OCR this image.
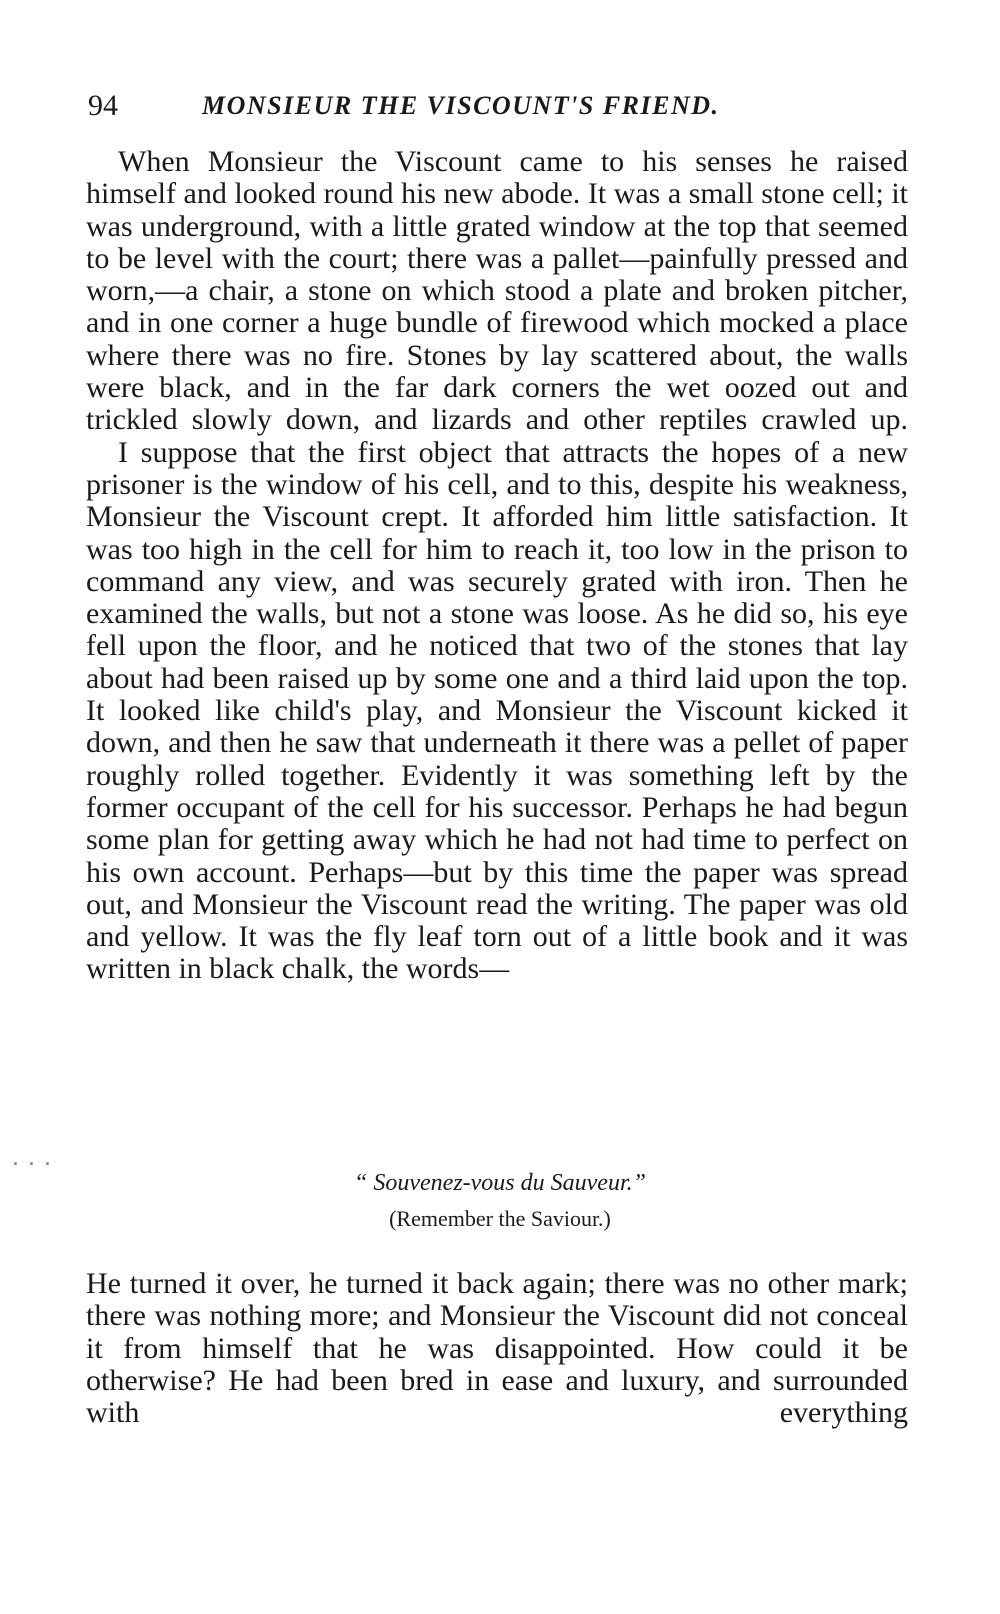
94	MONSIEUR THE VISCOUNT'S FRIEND.

When Monsieur the Viscount came to his senses he raised himself and looked round his new abode. It was a small stone cell; it was underground, with a little grated window at the top that seemed to be level with the court; there was a pallet—painfully pressed and worn,—a chair, a stone on which stood a plate and broken pitcher, and in one corner a huge bundle of firewood which mocked a place where there was no fire. Stones by lay scattered about, the walls were black, and in the far dark corners the wet oozed out and trickled slowly down, and lizards and other reptiles crawled up.

I suppose that the first object that attracts the hopes of a new prisoner is the window of his cell, and to this, despite his weakness, Monsieur the Viscount crept. It afforded him little satisfaction. It was too high in the cell for him to reach it, too low in the prison to command any view, and was securely grated with iron. Then he examined the walls, but not a stone was loose. As he did so, his eye fell upon the floor, and he noticed that two of the stones that lay about had been raised up by some one and a third laid upon the top. It looked like child's play, and Monsieur the Viscount kicked it down, and then he saw that underneath it there was a pellet of paper roughly rolled together. Evidently it was something left by the former occupant of the cell for his successor. Perhaps he had begun some plan for getting away which he had not had time to perfect on his own account. Perhaps—but by this time the paper was spread out, and Monsieur the Viscount read the writing. The paper was old and yellow. It was the fly leaf torn out of a little book and it was written in black chalk, the words—

“ Souvenez-vous du Sauveur.”
(Remember the Saviour.)

He turned it over, he turned it back again; there was no other mark; there was nothing more; and Monsieur the Viscount did not conceal it from himself that he was disappointed. How could it be otherwise? He had been bred in ease and luxury, and surrounded with everything
